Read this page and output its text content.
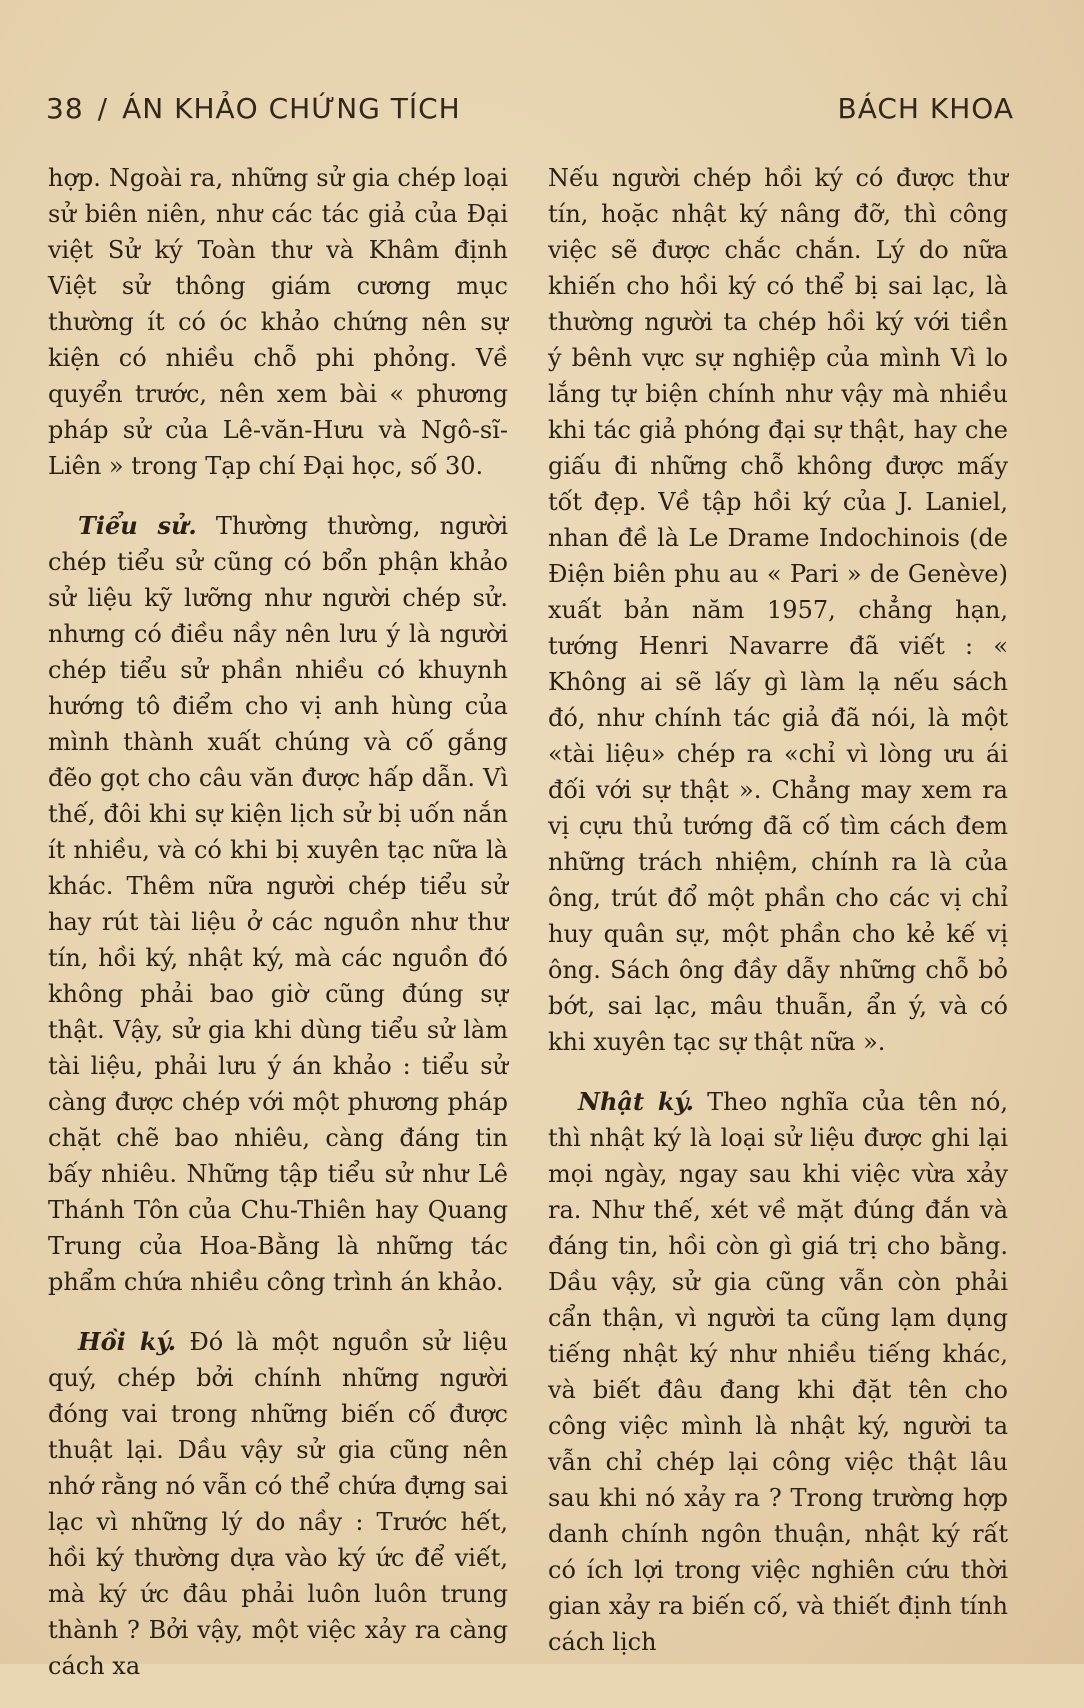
38 / ÁN KHẢO CHỨNG TÍCH	BÁCH KHOA

hợp. Ngoài ra, những sử gia chép loại sử biên niên, như các tác giả của Đại việt Sử ký Toàn thư và Khâm định Việt sử thông giám cương mục thường ít có óc khảo chứng nên sự kiện có nhiều chỗ phi phỏng. Về quyển trước, nên xem bài « phương pháp sử của Lê-văn-Hưu và Ngô-sĩ-Liên » trong Tạp chí Đại học, số 30.

Tiểu sử. Thường thường, người chép tiểu sử cũng có bổn phận khảo sử liệu kỹ lưỡng như người chép sử. nhưng có điều nầy nên lưu ý là người chép tiểu sử phần nhiều có khuynh hướng tô điểm cho vị anh hùng của mình thành xuất chúng và cố gắng đẽo gọt cho câu văn được hấp dẫn. Vì thế, đôi khi sự kiện lịch sử bị uốn nắn ít nhiều, và có khi bị xuyên tạc nữa là khác. Thêm nữa người chép tiểu sử hay rút tài liệu ở các nguồn như thư tín, hồi ký, nhật ký, mà các nguồn đó không phải bao giờ cũng đúng sự thật. Vậy, sử gia khi dùng tiểu sử làm tài liệu, phải lưu ý án khảo : tiểu sử càng được chép với một phương pháp chặt chẽ bao nhiêu, càng đáng tin bấy nhiêu. Những tập tiểu sử như Lê Thánh Tôn của Chu-Thiên hay Quang Trung của Hoa-Bằng là những tác phẩm chứa nhiều công trình án khảo.

Hồi ký. Đó là một nguồn sử liệu quý, chép bởi chính những người đóng vai trong những biến cố được thuật lại. Dầu vậy sử gia cũng nên nhớ rằng nó vẫn có thể chứa đựng sai lạc vì những lý do nầy : Trước hết, hồi ký thường dựa vào ký ức để viết, mà ký ức đâu phải luôn luôn trung thành ? Bởi vậy, một việc xảy ra càng cách xa

Nếu người chép hồi ký có được thư tín, hoặc nhật ký nâng đỡ, thì công việc sẽ được chắc chắn. Lý do nữa khiến cho hồi ký có thể bị sai lạc, là thường người ta chép hồi ký với tiền ý bênh vực sự nghiệp của mình Vì lo lắng tự biện chính như vậy mà nhiều khi tác giả phóng đại sự thật, hay che giấu đi những chỗ không được mấy tốt đẹp. Về tập hồi ký của J. Laniel, nhan đề là Le Drame Indochinois (de Điện biên phu au « Pari » de Genève) xuất bản năm 1957, chẳng hạn, tướng Henri Navarre đã viết : « Không ai sẽ lấy gì làm lạ nếu sách đó, như chính tác giả đã nói, là một «tài liệu» chép ra «chỉ vì lòng ưu ái đối với sự thật ». Chẳng may xem ra vị cựu thủ tướng đã cố tìm cách đem những trách nhiệm, chính ra là của ông, trút đổ một phần cho các vị chỉ huy quân sự, một phần cho kẻ kế vị ông. Sách ông đầy dẫy những chỗ bỏ bớt, sai lạc, mâu thuẫn, ẩn ý, và có khi xuyên tạc sự thật nữa ».

Nhật ký. Theo nghĩa của tên nó, thì nhật ký là loại sử liệu được ghi lại mọi ngày, ngay sau khi việc vừa xảy ra. Như thế, xét về mặt đúng đắn và đáng tin, hồi còn gì giá trị cho bằng. Dầu vậy, sử gia cũng vẫn còn phải cẩn thận, vì người ta cũng lạm dụng tiếng nhật ký như nhiều tiếng khác, và biết đâu đang khi đặt tên cho công việc mình là nhật ký, người ta vẫn chỉ chép lại công việc thật lâu sau khi nó xảy ra ? Trong trường hợp danh chính ngôn thuận, nhật ký rất có ích lợi trong việc nghiên cứu thời gian xảy ra biến cố, và thiết định tính cách lịch
